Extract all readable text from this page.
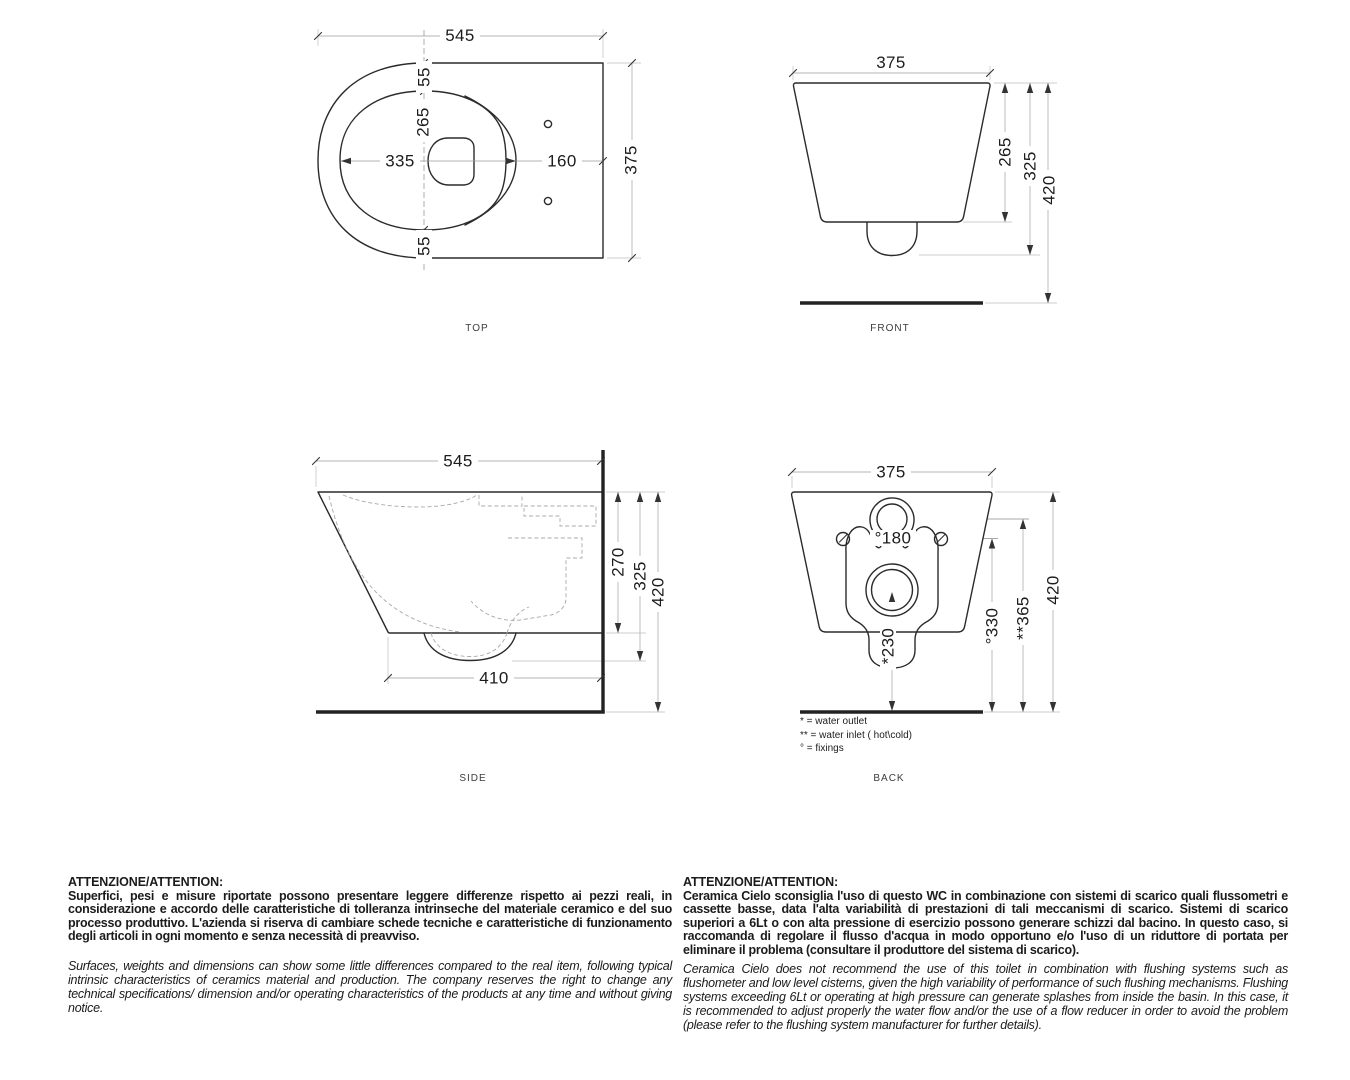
545
55
265
55
335	160	375
TOP
375
265 325
420
FRONT
545
410
270 325
420
SIDE
375
°180
*230
°330 **365
420
* = water outlet
** = water inlet ( hot\cold)
° = fixings
BACK
ATTENZIONE/ATTENTION:
Superfici, pesi e misure riportate possono presentare leggere differenze rispetto ai pezzi reali, in considerazione e accordo delle caratteristiche di tolleranza intrinseche del materiale ceramico e del suo processo produttivo. L'azienda si riserva di cambiare schede tecniche e caratteristiche di funzionamento degli articoli in ogni momento e senza necessità di preavviso.
Surfaces, weights and dimensions can show some little differences compared to the real item, following typical intrinsic characteristics of ceramics material and production. The company reserves the right to change any technical specifications/ dimension and/or operating characteristics of the products at any time and without giving notice.
ATTENZIONE/ATTENTION:
Ceramica Cielo sconsiglia l'uso di questo WC in combinazione con sistemi di scarico quali flussometri e cassette basse, data l'alta variabilità di prestazioni di tali meccanismi di scarico. Sistemi di scarico superiori a 6Lt o con alta pressione di esercizio possono generare schizzi dal bacino. In questo caso, si raccomanda di regolare il flusso d'acqua in modo opportuno e/o l'uso di un riduttore di portata per eliminare il problema (consultare il produttore del sistema di scarico).
Ceramica Cielo does not recommend the use of this toilet in combination with flushing systems such as flushometer and low level cisterns, given the high variability of performance of such flushing mechanisms. Flushing systems exceeding 6Lt or operating at high pressure can generate splashes from inside the basin. In this case, it is recommended to adjust properly the water flow and/or the use of a flow reducer in order to avoid the problem (please refer to the flushing system manufacturer for further details).
